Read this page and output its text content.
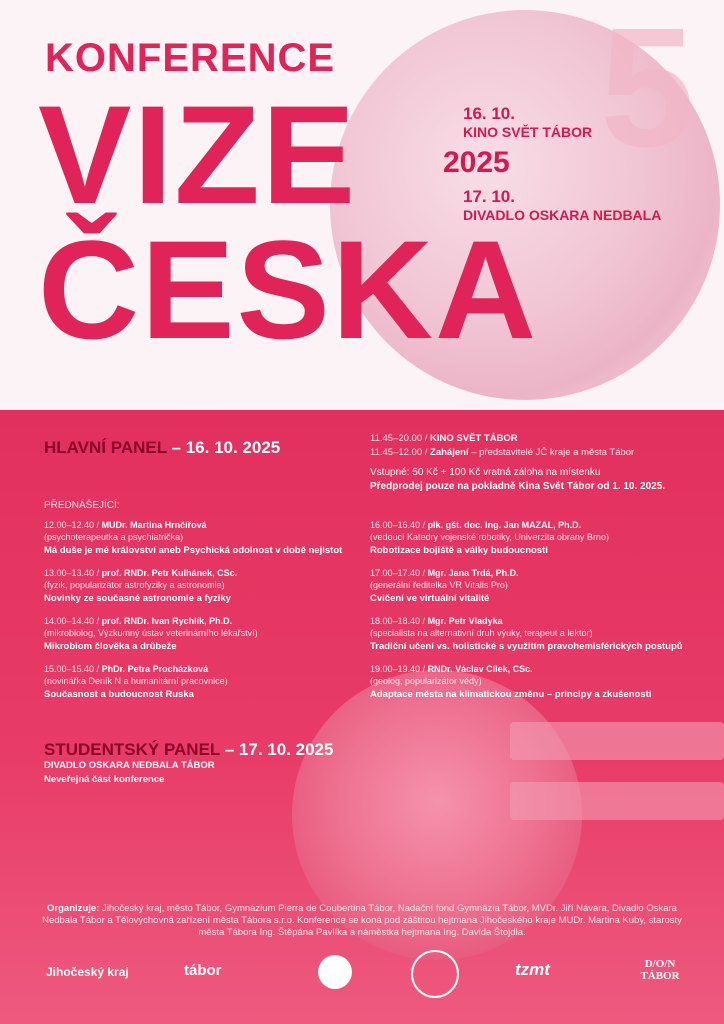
5
KONFERENCE
VIZE
ČESKA
16. 10.
KINO SVĚT TÁBOR
2025
17. 10.
DIVADLO OSKARA NEDBALA
HLAVNÍ PANEL – 16. 10. 2025	11.45–20.00 / KINO SVĚT TÁBOR
11.45–12.00 / Zahájení – představitelé JČ kraje a města Tábor
Vstupné: 50 Kč + 100 Kč vratná záloha na místenku
Předprodej pouze na pokladně Kina Svět Tábor od 1. 10. 2025.
PŘEDNÁŠEJÍCÍ:
12.00–12.40 / MUDr. Martina Hrnčířová
(psychoterapeutka a psychiatrička)
Má duše je mé království aneb Psychická odolnost v době nejistot
13.00–13.40 / prof. RNDr. Petr Kulhánek, CSc.
(fyzik, popularizátor astrofyziky a astronomie)
Novinky ze současné astronomie a fyziky
14.00–14.40 / prof. RNDr. Ivan Rychlík, Ph.D.
(mikrobiolog, Výzkumný ústav veterinárního lékařství)
Mikrobiom člověka a drůbeže
15.00–15.40 / PhDr. Petra Procházková
(novinářka Deník N a humanitární pracovnice)
Současnost a budoucnost Ruska
16.00–16.40 / plk. gšt. doc. Ing. Jan MAZAL, Ph.D.
(vedoucí Katedry vojenské robotiky, Univerzita obrany Brno)
Robotizace bojiště a války budoucnosti
17.00–17.40 / Mgr. Jana Trdá, Ph.D.
(generální ředitelka VR Vitalis Pro)
Cvičení ve virtuální vitalitě
18.00–18.40 / Mgr. Petr Vladyka
(specialista na alternativní druh výuky, terapeut a lektor)
Tradiční učení vs. holistické s využitím pravohemisférických postupů
19.00–19.40 / RNDr. Václav Cílek, CSc.
(geolog, popularizátor vědy)
Adaptace města na klimatickou změnu – principy a zkušenosti
STUDENTSKÝ PANEL – 17. 10. 2025
DIVADLO OSKARA NEDBALA TÁBOR
Neveřejná část konference
Organizuje: Jihočeský kraj, město Tábor, Gymnázium Pierra de Coubertina Tábor, Nadační fond Gymnázia Tábor, MVDr. Jiří Návara, Divadlo Oskara Nedbala Tábor a Tělovýchovná zařízení města Tábora s.r.o. Konference se koná pod záštitou hejtmana Jihočeského kraje MUDr. Martina Kuby, starosty města Tábora Ing. Štěpána Pavlíka a náměstka hejtmana Ing. Davida Štojdla.
Jihočeský kraj	tábor	tzmt	D/O/N TÁBOR
